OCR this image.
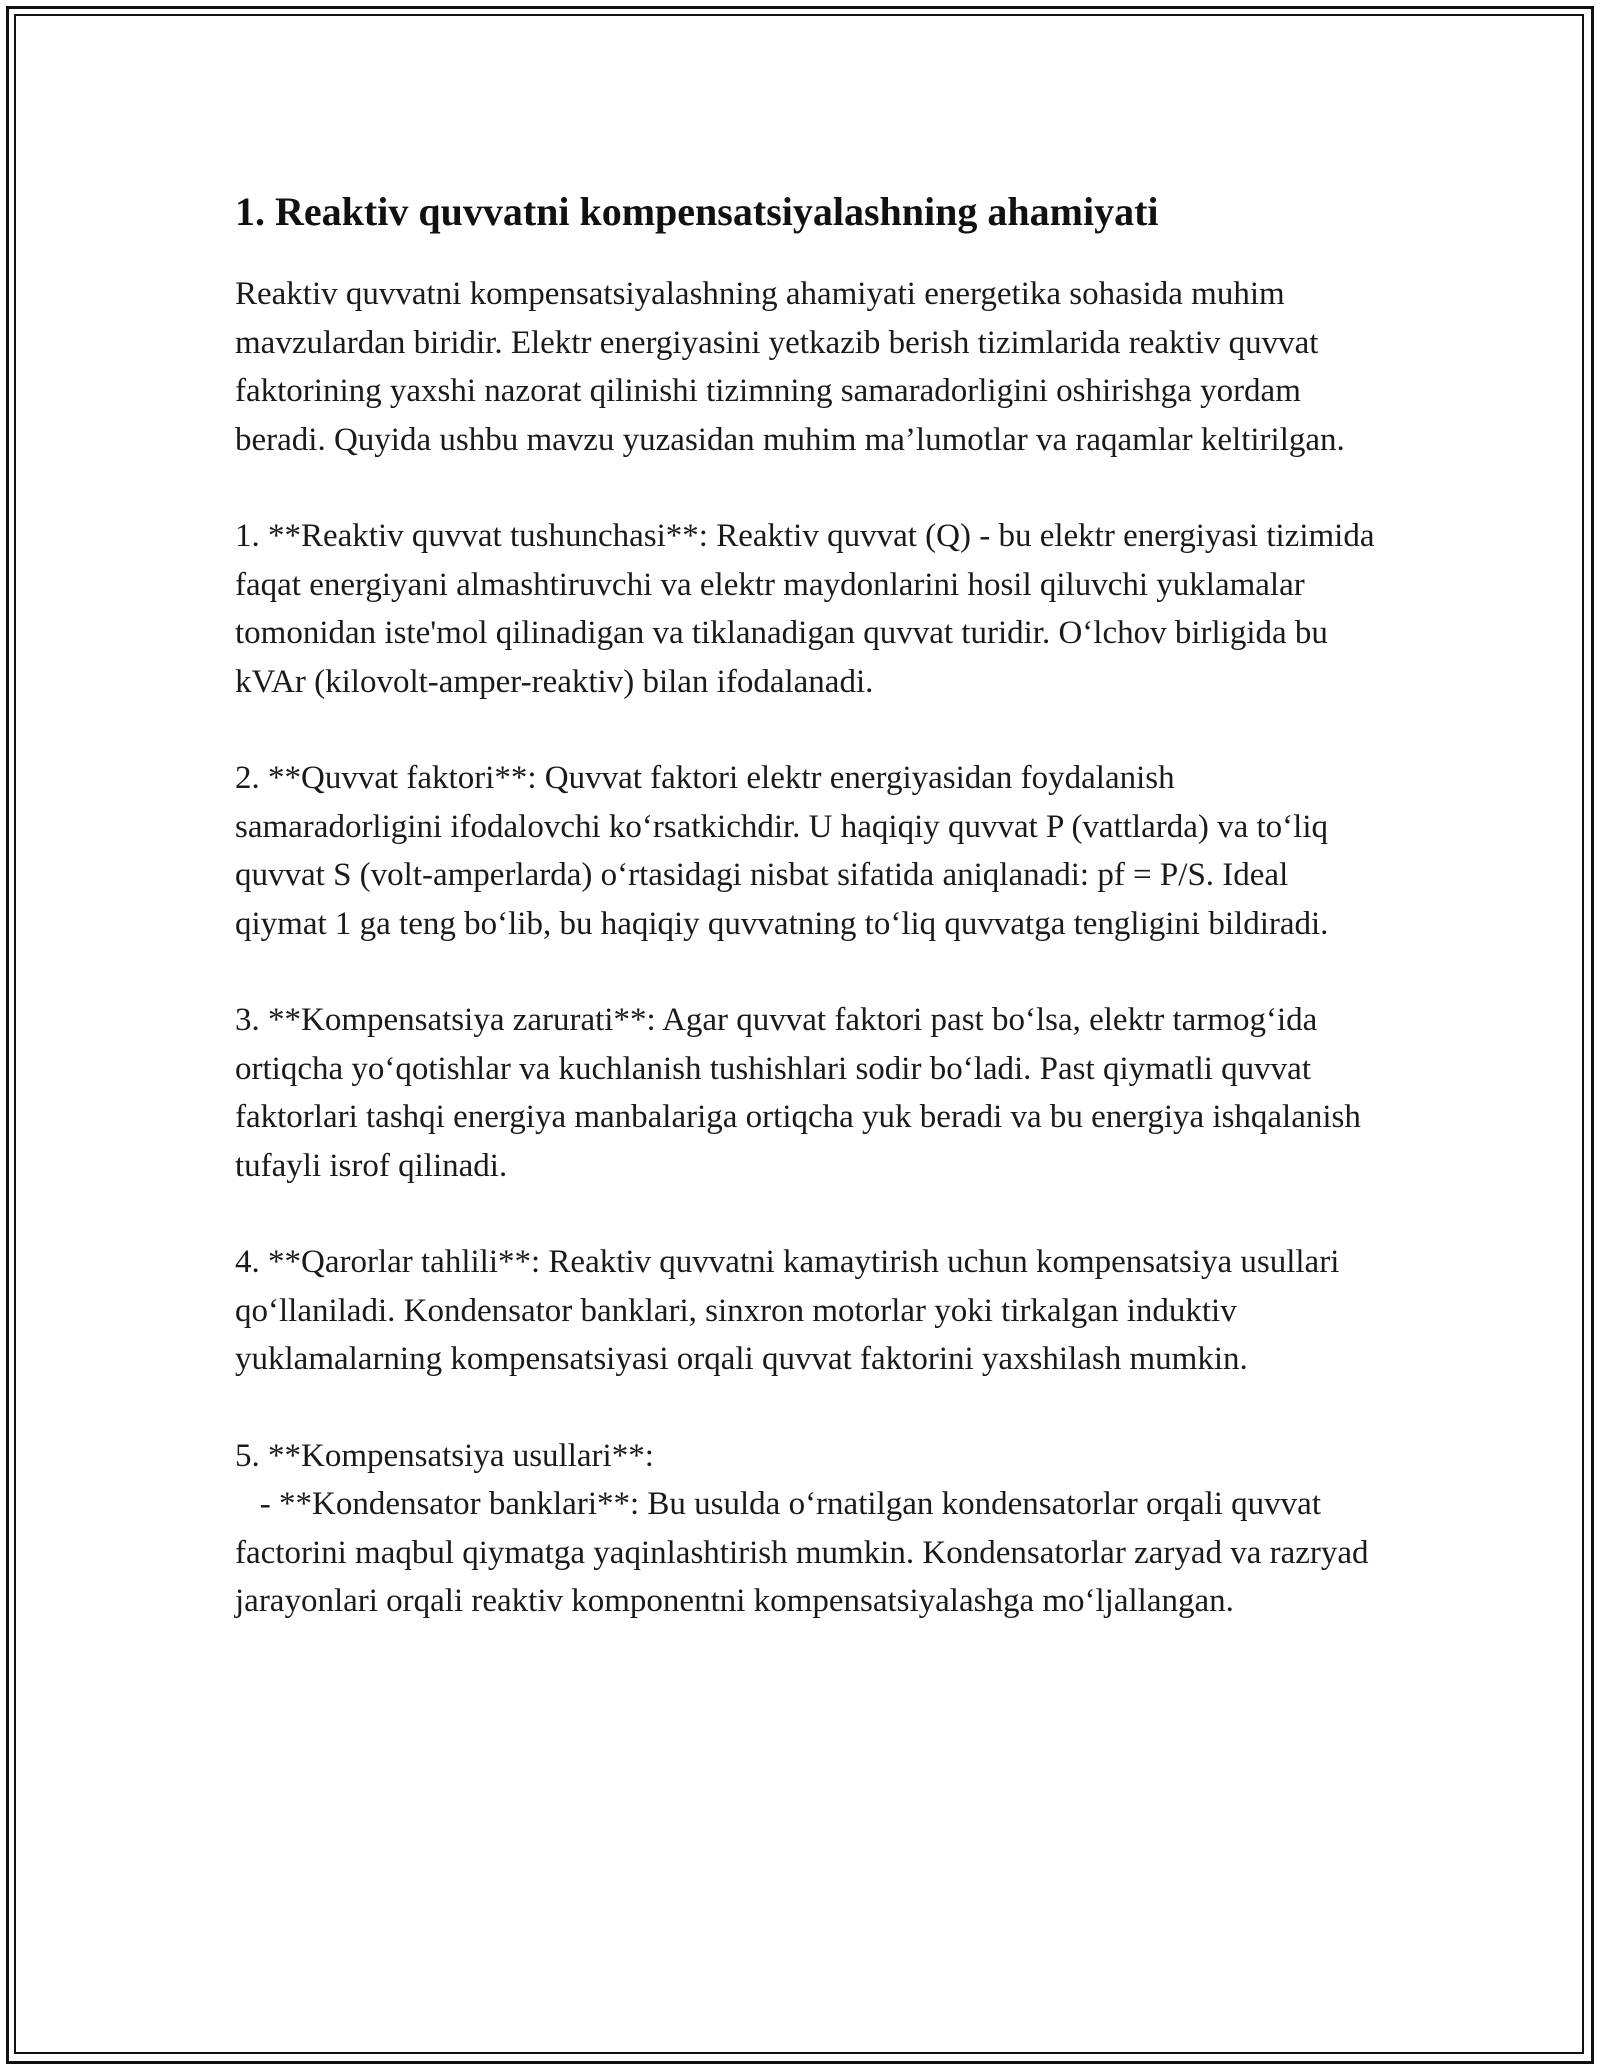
1. Reaktiv quvvatni kompensatsiyalashning ahamiyati

Reaktiv quvvatni kompensatsiyalashning ahamiyati energetika sohasida muhim mavzulardan biridir. Elektr energiyasini yetkazib berish tizimlarida reaktiv quvvat faktorining yaxshi nazorat qilinishi tizimning samaradorligini oshirishga yordam beradi. Quyida ushbu mavzu yuzasidan muhim ma’lumotlar va raqamlar keltirilgan.

1. **Reaktiv quvvat tushunchasi**: Reaktiv quvvat (Q) - bu elektr energiyasi tizimida faqat energiyani almashtiruvchi va elektr maydonlarini hosil qiluvchi yuklamalar tomonidan iste'mol qilinadigan va tiklanadigan quvvat turidir. O‘lchov birligida bu kVAr (kilovolt-amper-reaktiv) bilan ifodalanadi.

2. **Quvvat faktori**: Quvvat faktori elektr energiyasidan foydalanish samaradorligini ifodalovchi ko‘rsatkichdir. U haqiqiy quvvat P (vattlarda) va to‘liq quvvat S (volt-amperlarda) o‘rtasidagi nisbat sifatida aniqlanadi: pf = P/S. Ideal qiymat 1 ga teng bo‘lib, bu haqiqiy quvvatning to‘liq quvvatga tengligini bildiradi.

3. **Kompensatsiya zarurati**: Agar quvvat faktori past bo‘lsa, elektr tarmog‘ida ortiqcha yo‘qotishlar va kuchlanish tushishlari sodir bo‘ladi. Past qiymatli quvvat faktorlari tashqi energiya manbalariga ortiqcha yuk beradi va bu energiya ishqalanish tufayli isrof qilinadi.

4. **Qarorlar tahlili**: Reaktiv quvvatni kamaytirish uchun kompensatsiya usullari qo‘llaniladi. Kondensator banklari, sinxron motorlar yoki tirkalgan induktiv yuklamalarning kompensatsiyasi orqali quvvat faktorini yaxshilash mumkin.

5. **Kompensatsiya usullari**:
- **Kondensator banklari**: Bu usulda o‘rnatilgan kondensatorlar orqali quvvat factorini maqbul qiymatga yaqinlashtirish mumkin. Kondensatorlar zaryad va razryad jarayonlari orqali reaktiv komponentni kompensatsiyalashga mo‘ljallangan.
